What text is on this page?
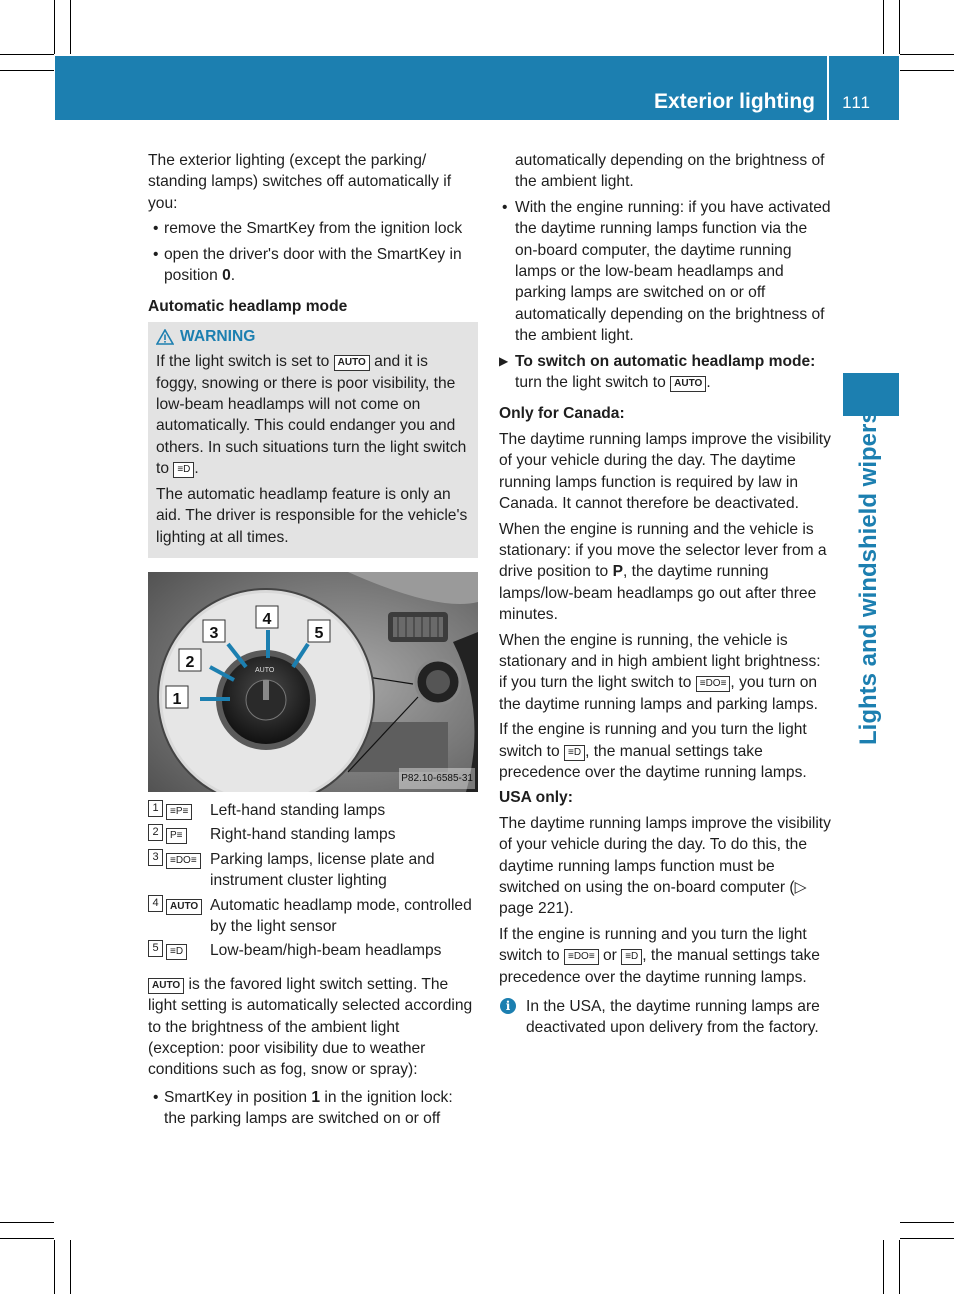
Exterior lighting 111
Lights and windshield wipers

The exterior lighting (except the parking/ standing lamps) switches off automatically if you:

• remove the SmartKey from the ignition lock
• open the driver's door with the SmartKey in position 0.
Automatic headlamp mode
WARNING

If the light switch is set to AUTO and it is foggy, snowing or there is poor visibility, the low-beam headlamps will not come on automatically. This could endanger you and others. In such situations turn the light switch to ≡D .

The automatic headlamp feature is only an aid. The driver is responsible for the vehicle's lighting at all times.

AUTO
1
2
3
4
5
P82.10-6585-31
1	≡P≡	Left-hand standing lamps
2	P≡	Right-hand standing lamps
3	≡DO≡ Parking lamps, license plate and instrument cluster lighting
4	AUTO Automatic headlamp mode, controlled by the light sensor
5	≡D	Low-beam/high-beam headlamps

AUTO is the favored light switch setting. The light setting is automatically selected according to the brightness of the ambient light (exception: poor visibility due to weather conditions such as fog, snow or spray):

• SmartKey in position 1 in the ignition lock: the parking lamps are switched on or off

automatically depending on the brightness of the ambient light.

• With the engine running: if you have activated the daytime running lamps function via the on-board computer, the daytime running lamps or the low-beam headlamps and parking lamps are switched on or off automatically depending on the brightness of the ambient light.
▶ To switch on automatic headlamp mode: turn the light switch to AUTO .
Only for Canada:

The daytime running lamps improve the visibility of your vehicle during the day. The daytime running lamps function is required by law in Canada. It cannot therefore be deactivated.

When the engine is running and the vehicle is stationary: if you move the selector lever from a drive position to P, the daytime running lamps/low-beam headlamps go out after three minutes.

When the engine is running, the vehicle is stationary and in high ambient light brightness: if you turn the light switch to ≡DO≡ , you turn on the daytime running lamps and parking lamps.

If the engine is running and you turn the light switch to ≡D , the manual settings take precedence over the daytime running lamps.

USA only:

The daytime running lamps improve the visibility of your vehicle during the day. To do this, the daytime running lamps function must be switched on using the on-board computer (▷ page 221).

If the engine is running and you turn the light switch to ≡DO≡ or ≡D , the manual settings take precedence over the daytime running lamps.

i	In the USA, the daytime running lamps are deactivated upon delivery from the factory.
